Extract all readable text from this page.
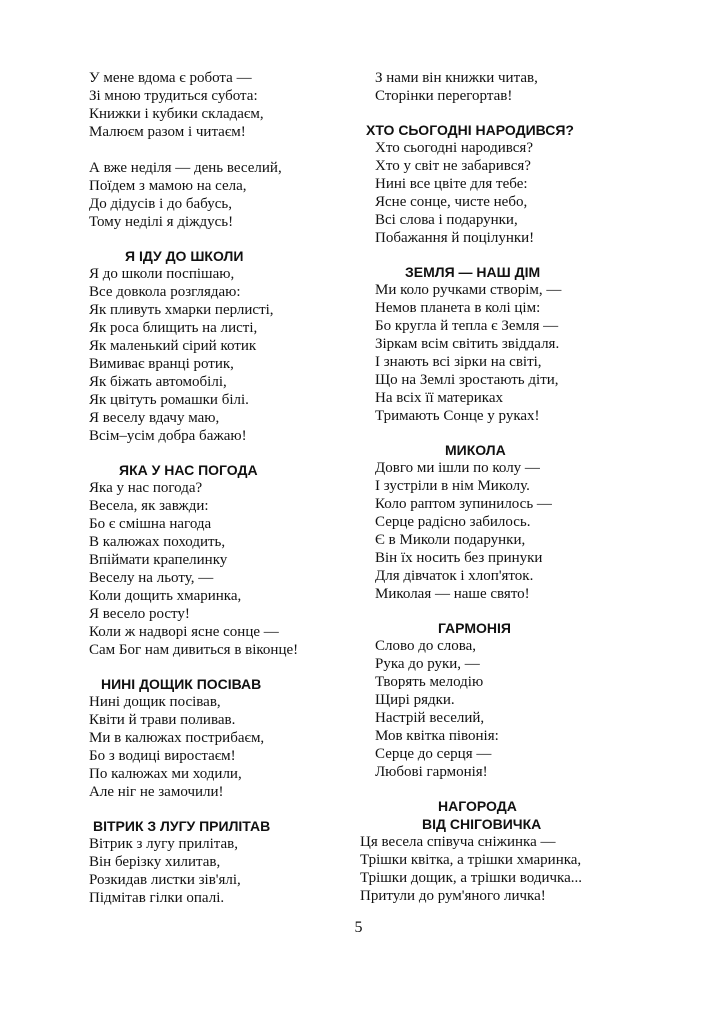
У мене вдома є робота —
Зі мною трудиться субота:
Книжки і кубики складаєм,
Малюєм разом і читаєм!
А вже неділя — день веселий,
Поїдем з мамою на села,
До дідусів і до бабусь,
Тому неділі я діждусь!
Я ІДУ ДО ШКОЛИ
Я до школи поспішаю,
Все довкола розглядаю:
Як пливуть хмарки перлисті,
Як роса блищить на листі,
Як маленький сірий котик
Вимиває вранці ротик,
Як біжать автомобілі,
Як цвітуть ромашки білі.
Я веселу вдачу маю,
Всім–усім добра бажаю!
ЯКА У НАС ПОГОДА
Яка у нас погода?
Весела, як завжди:
Бо є смішна нагода
В калюжах походить,
Впіймати крапелинку
Веселу на льоту, —
Коли дощить хмаринка,
Я весело росту!
Коли ж надворі ясне сонце —
Сам Бог нам дивиться в віконце!
НИНІ ДОЩИК ПОСІВАВ
Нині дощик посівав,
Квіти й трави поливав.
Ми в калюжах пострибаєм,
Бо з водиці виростаєм!
По калюжах ми ходили,
Але ніг не замочили!
ВІТРИК З ЛУГУ ПРИЛІТАВ
Вітрик з лугу прилітав,
Він берізку хилитав,
Розкидав листки зів'ялі,
Підмітав гілки опалі.
З нами він книжки читав,
Сторінки перегортав!
ХТО СЬОГОДНІ НАРОДИВСЯ?
Хто сьогодні народився?
Хто у світ не забарився?
Нині все цвіте для тебе:
Ясне сонце, чисте небо,
Всі слова і подарунки,
Побажання й поцілунки!
ЗЕМЛЯ — НАШ ДІМ
Ми коло ручками створім, —
Немов планета в колі цім:
Бо кругла й тепла є Земля —
Зіркам всім світить звіддаля.
І знають всі зірки на світі,
Що на Землі зростають діти,
На всіх її материках
Тримають Сонце у руках!
МИКОЛА
Довго ми ішли по колу —
І зустріли в нім Миколу.
Коло раптом зупинилось —
Серце радісно забилось.
Є в Миколи подарунки,
Він їх носить без принуки
Для дівчаток і хлоп'яток.
Миколая — наше свято!
ГАРМОНІЯ
Слово до слова,
Рука до руки, —
Творять мелодію
Щирі рядки.
Настрій веселий,
Мов квітка півонія:
Серце до серця —
Любові гармонія!
НАГОРОДА
ВІД СНІГОВИЧКА
Ця весела співуча сніжинка —
Трішки квітка, а трішки хмаринка,
Трішки дощик, а трішки водичка...
Притули до рум'яного личка!
5
